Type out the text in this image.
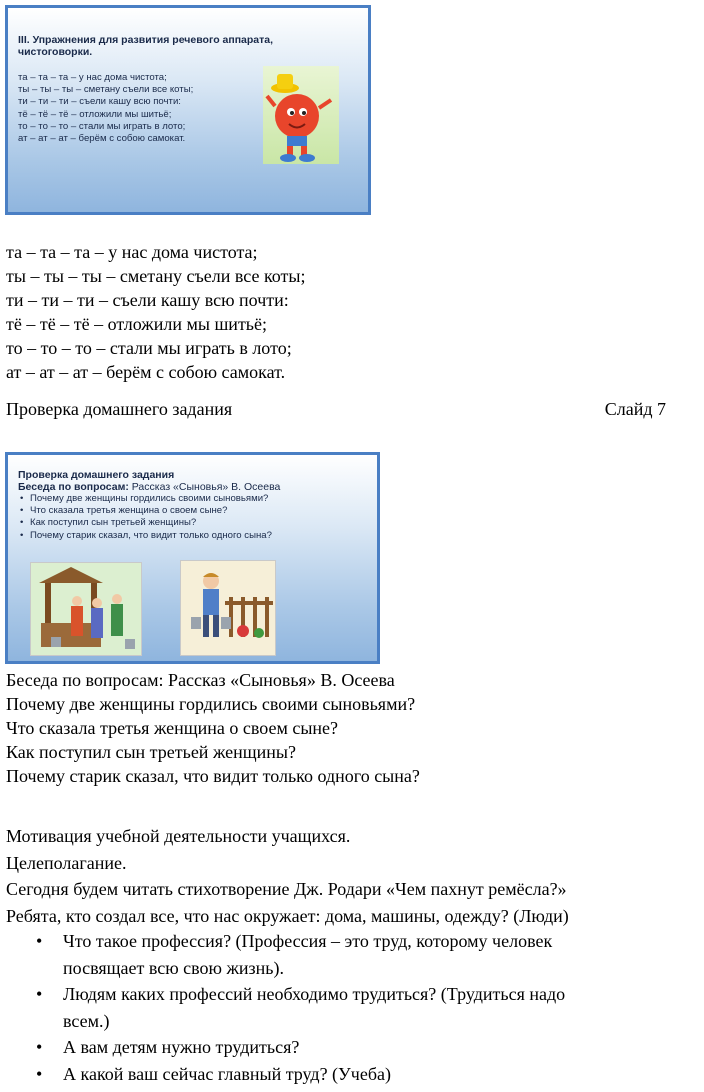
III. Упражнения для развития речевого аппарата, чистоговорки.
та – та – та – у нас дома чистота;
ты – ты – ты – сметану съели все коты;
ти – ти – ти – съели кашу всю почти:
тё – тё – тё – отложили мы шитьё;
то – то – то – стали мы играть в лото;
ат – ат – ат – берём с собою самокат.
та – та – та – у нас дома чистота;
ты – ты – ты – сметану съели все коты;
ти – ти – ти – съели кашу всю почти:
тё – тё – тё – отложили мы шитьё;
то – то – то – стали мы играть в лото;
ат – ат – ат – берём с собою самокат.
Проверка домашнего задания	Слайд 7
Проверка домашнего задания
Беседа по вопросам: Рассказ «Сыновья» В. Осеева
• Почему две женщины гордились своими сыновьями?
• Что сказала третья женщина о своем сыне?
• Как поступил сын третьей женщины?
• Почему старик сказал, что видит только одного сына?
Беседа по вопросам: Рассказ «Сыновья» В. Осеева
Почему две женщины гордились своими сыновьями?
Что сказала третья женщина о своем сыне?
Как поступил сын третьей женщины?
Почему старик сказал, что видит только одного сына?
Мотивация учебной деятельности учащихся.
Целеполагание.
Сегодня будем читать стихотворение Дж. Родари «Чем пахнут ремёсла?»
Ребята, кто создал все, что нас окружает: дома, машины, одежду? (Люди)
• Что такое профессия? (Профессия – это труд, которому человек
посвящает всю свою жизнь).
• Людям каких профессий необходимо трудиться? (Трудиться надо
всем.)
• А вам детям нужно трудиться?
• А какой ваш сейчас главный труд? (Учеба)
